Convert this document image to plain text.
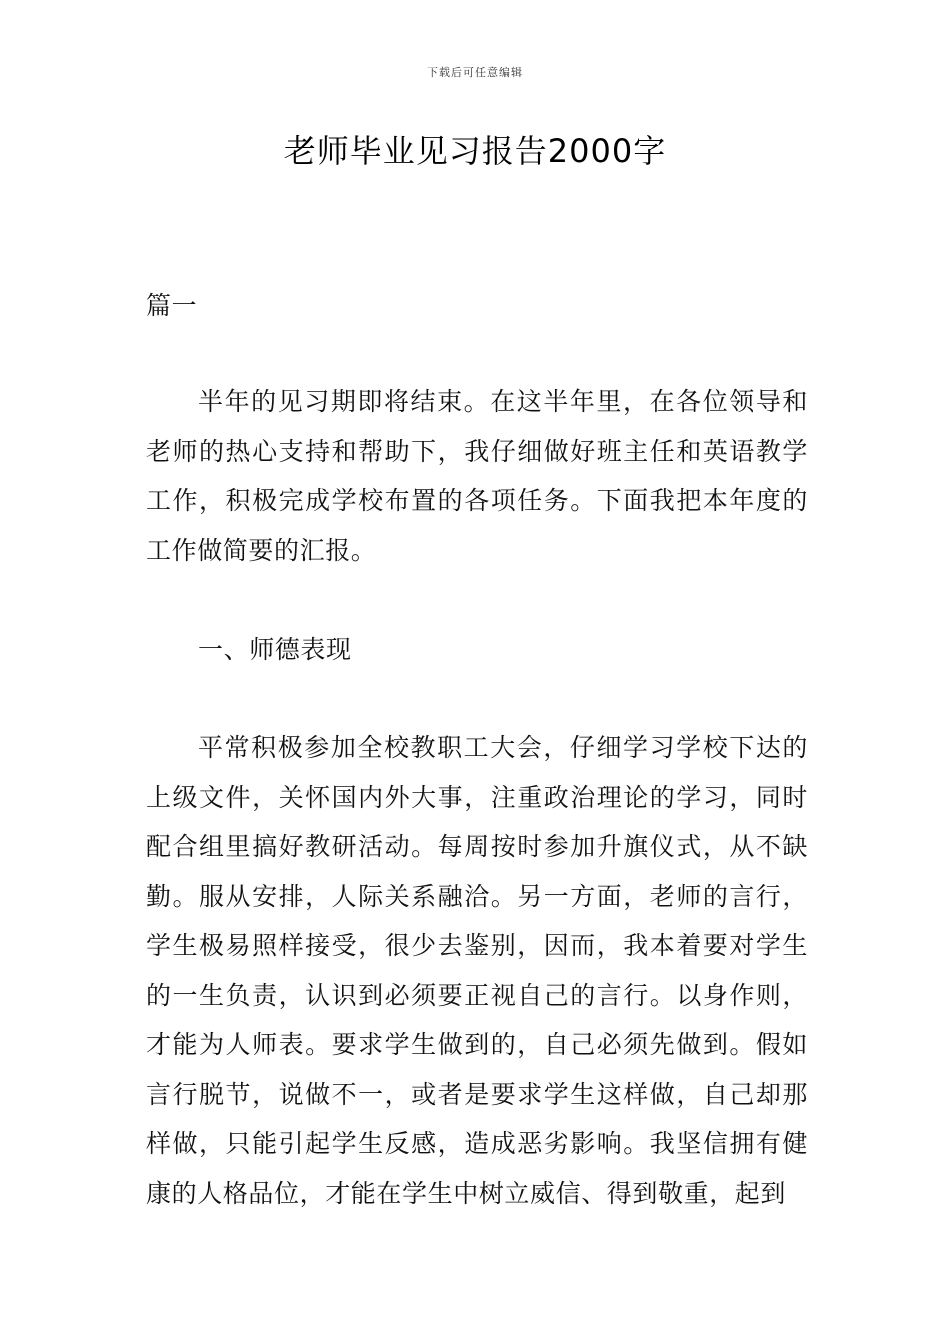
下载后可任意编辑
老师毕业见习报告2000字

篇一

半年的见习期即将结束。在这半年里，在各位领导和老师的热心支持和帮助下，我仔细做好班主任和英语教学工作，积极完成学校布置的各项任务。下面我把本年度的工作做简要的汇报。

一、师德表现

平常积极参加全校教职工大会，仔细学习学校下达的上级文件，关怀国内外大事，注重政治理论的学习，同时配合组里搞好教研活动。每周按时参加升旗仪式，从不缺勤。服从安排，人际关系融洽。另一方面，老师的言行，学生极易照样接受，很少去鉴别，因而，我本着要对学生的一生负责，认识到必须要正视自己的言行。以身作则，才能为人师表。要求学生做到的，自己必须先做到。假如言行脱节，说做不一，或者是要求学生这样做，自己却那样做，只能引起学生反感，造成恶劣影响。我坚信拥有健康的人格品位，才能在学生中树立威信、得到敬重，起到
